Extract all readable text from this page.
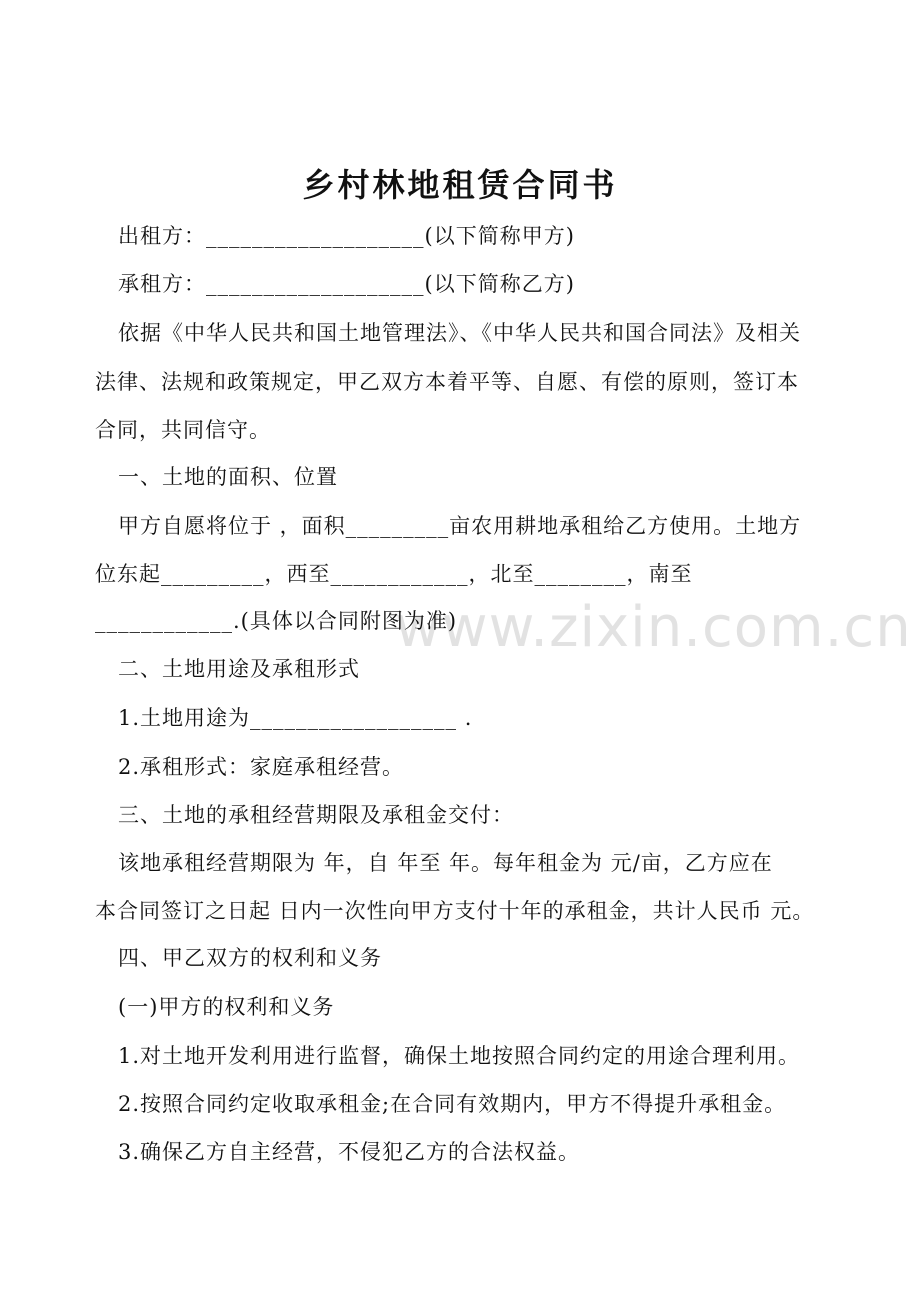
www.zixin.com.cn
乡村林地租赁合同书
出租方：___________________(以下简称甲方)
承租方：___________________(以下简称乙方)
依据《中华人民共和国土地管理法》、《中华人民共和国合同法》及相关
法律、法规和政策规定，甲乙双方本着平等、自愿、有偿的原则，签订本
合同，共同信守。
一、土地的面积、位置
甲方自愿将位于 ，面积_________亩农用耕地承租给乙方使用。土地方
位东起_________，西至____________，北至________，南至
____________.(具体以合同附图为准)
二、土地用途及承租形式
1.土地用途为__________________ .
2.承租形式：家庭承租经营。
三、土地的承租经营期限及承租金交付：
该地承租经营期限为 年，自 年至 年。每年租金为 元/亩，乙方应在
本合同签订之日起 日内一次性向甲方支付十年的承租金，共计人民币 元。
四、甲乙双方的权利和义务
(一)甲方的权利和义务
1.对土地开发利用进行监督，确保土地按照合同约定的用途合理利用。
2.按照合同约定收取承租金;在合同有效期内，甲方不得提升承租金。
3.确保乙方自主经营，不侵犯乙方的合法权益。
